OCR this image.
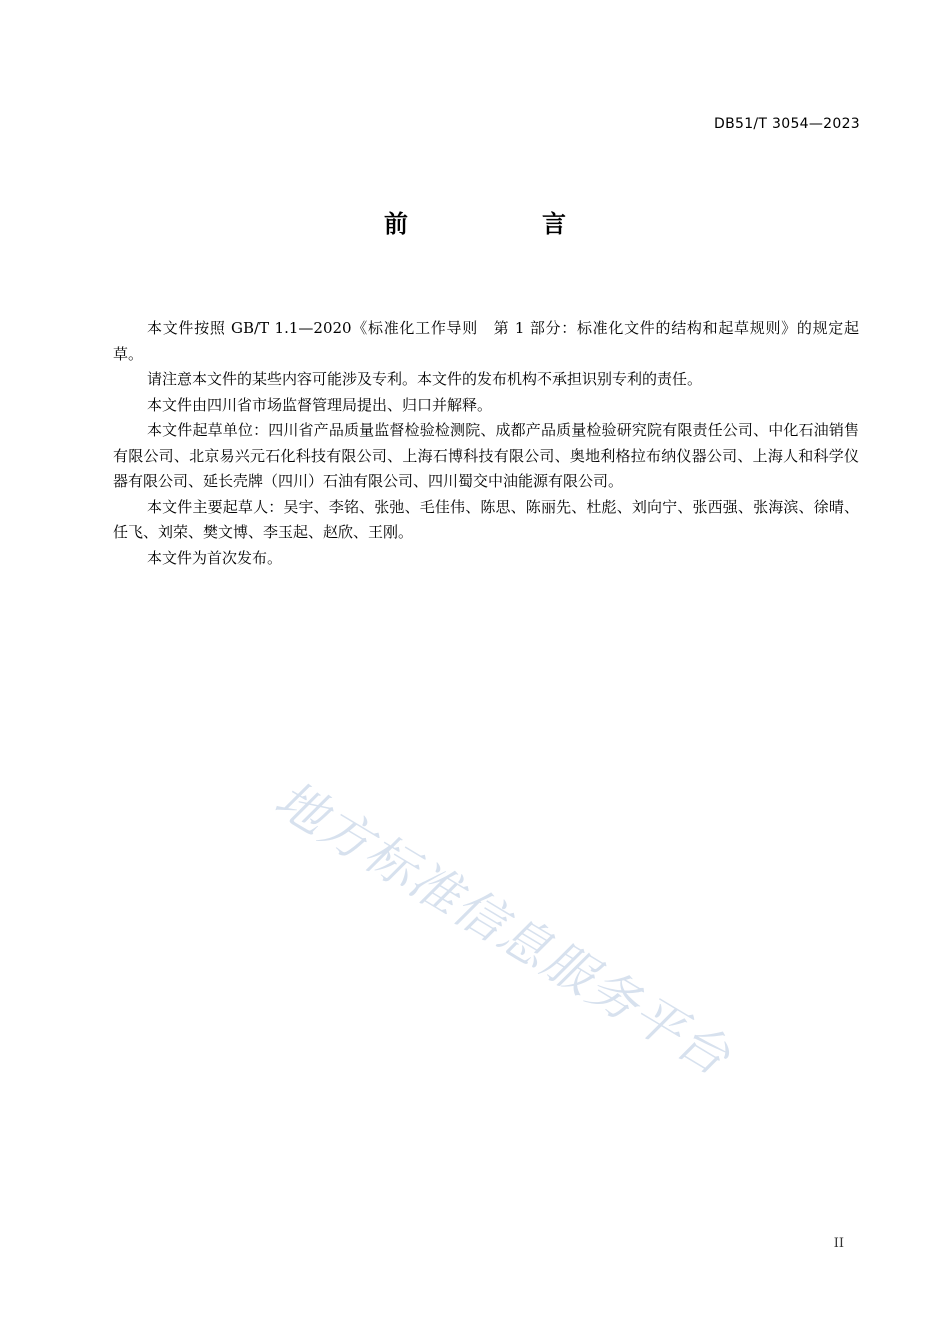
DB51/T 3054—2023
前　言

本文件按照 GB/T 1.1—2020《标准化工作导则　第 1 部分：标准化文件的结构和起草规则》的规定起草。

请注意本文件的某些内容可能涉及专利。本文件的发布机构不承担识别专利的责任。

本文件由四川省市场监督管理局提出、归口并解释。

本文件起草单位：四川省产品质量监督检验检测院、成都产品质量检验研究院有限责任公司、中化石油销售有限公司、北京易兴元石化科技有限公司、上海石博科技有限公司、奥地利格拉布纳仪器公司、上海人和科学仪器有限公司、延长壳牌（四川）石油有限公司、四川蜀交中油能源有限公司。

本文件主要起草人：吴宇、李铭、张弛、毛佳伟、陈思、陈丽先、杜彪、刘向宁、张西强、张海滨、徐晴、任飞、刘荣、樊文博、李玉起、赵欣、王刚。

本文件为首次发布。

地方标准信息服务平台
II
